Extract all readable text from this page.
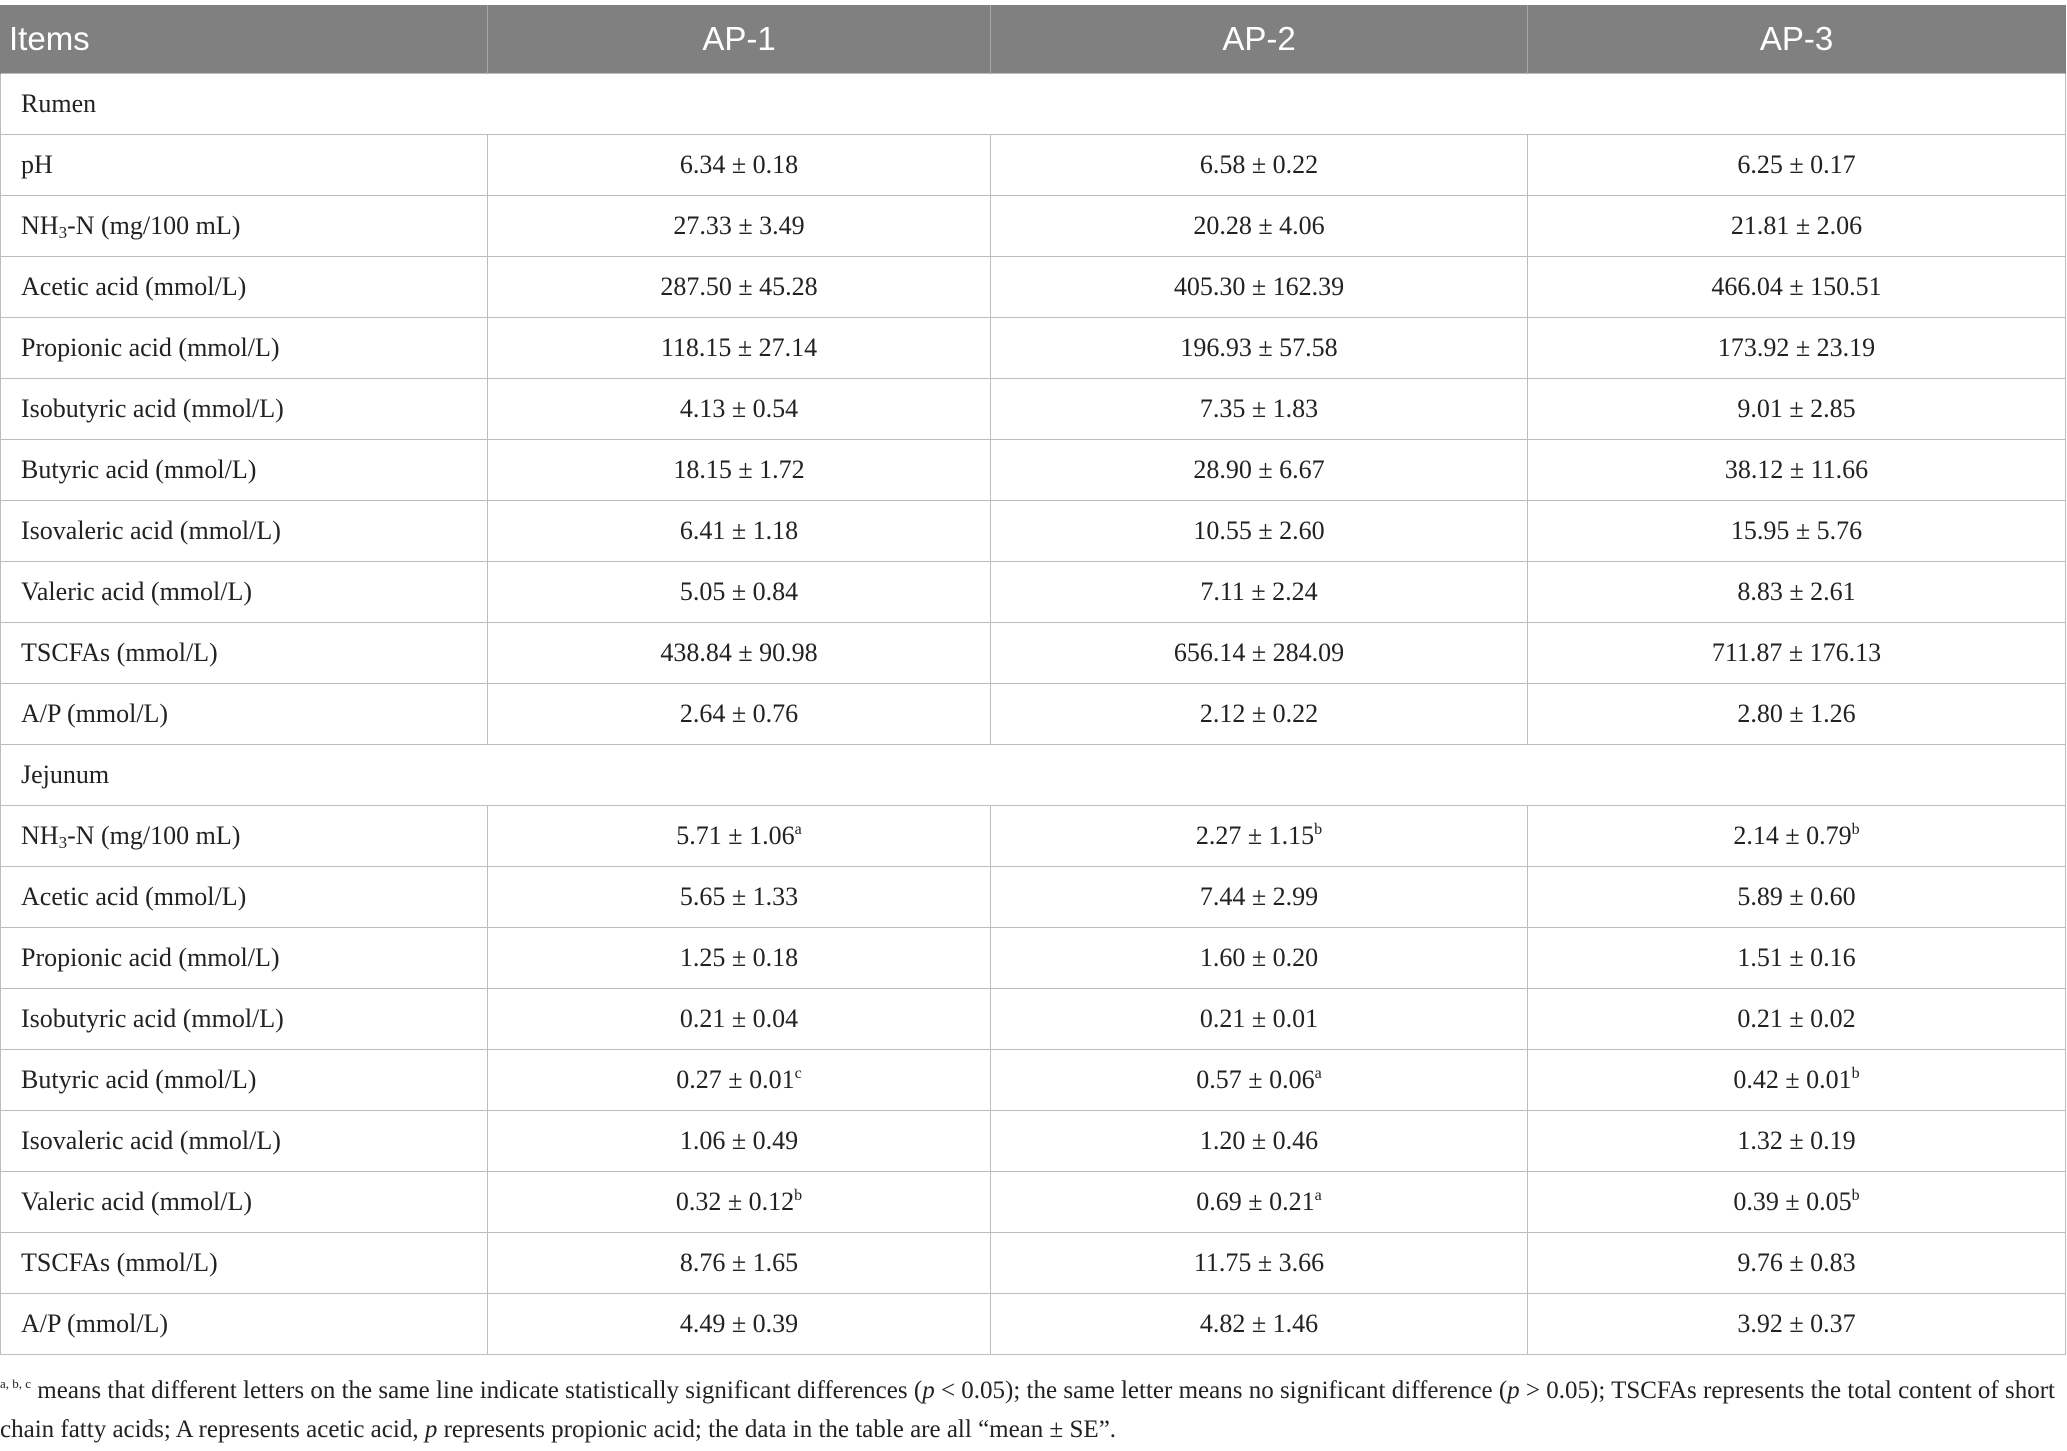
Items	AP-1	AP-2	AP-3
Rumen			
pH	6.34 ± 0.18	6.58 ± 0.22	6.25 ± 0.17
$NH_3-N$ (mg/100 mL)	27.33 ± 3.49	20.28 ± 4.06	21.81 ± 2.06
Acetic acid (mmol/L)	287.50 ± 45.28	405.30 ± 162.39	466.04 ± 150.51
Propionic acid (mmol/L)	118.15 ± 27.14	196.93 ± 57.58	173.92 ± 23.19
Isobutyric acid (mmol/L)	4.13 ± 0.54	7.35 ± 1.83	9.01 ± 2.85
Butyric acid (mmol/L)	18.15 ± 1.72	28.90 ± 6.67	38.12 ± 11.66
Isovaleric acid (mmol/L)	6.41 ± 1.18	10.55 ± 2.60	15.95 ± 5.76
Valeric acid (mmol/L)	5.05 ± 0.84	7.11 ± 2.24	8.83 ± 2.61
TSCFAs (mmol/L)	438.84 ± 90.98	656.14 ± 284.09	711.87 ± 176.13
A/P (mmol/L)	2.64 ± 0.76	2.12 ± 0.22	2.80 ± 1.26
Jejunum			
$NH_3-N$ (mg/100 mL)	5.71 ± 1.06$^a$	2.27 ± 1.15$^b$	2.14 ± 0.79$^b$
Acetic acid (mmol/L)	5.65 ± 1.33	7.44 ± 2.99	5.89 ± 0.60
Propionic acid (mmol/L)	1.25 ± 0.18	1.60 ± 0.20	1.51 ± 0.16
Isobutyric acid (mmol/L)	0.21 ± 0.04	0.21 ± 0.01	0.21 ± 0.02
Butyric acid (mmol/L)	0.27 ± 0.01$^c$	0.57 ± 0.06$^a$	0.42 ± 0.01$^b$
Isovaleric acid (mmol/L)	1.06 ± 0.49	1.20 ± 0.46	1.32 ± 0.19
Valeric acid (mmol/L)	0.32 ± 0.12$^b$	0.69 ± 0.21$^a$	0.39 ± 0.05$^b$
TSCFAs (mmol/L)	8.76 ± 1.65	11.75 ± 3.66	9.76 ± 0.83
A/P (mmol/L)	4.49 ± 0.39	4.82 ± 1.46	3.92 ± 0.37
$^{a, b, c}$ means that different letters on the same line indicate statistically significant differences (p < 0.05); the same letter means no significant difference (p > 0.05); TSCFAs represents the total content of short chain fatty acids; A represents acetic acid, p represents propionic acid; the data in the table are all “mean ± SE”.
